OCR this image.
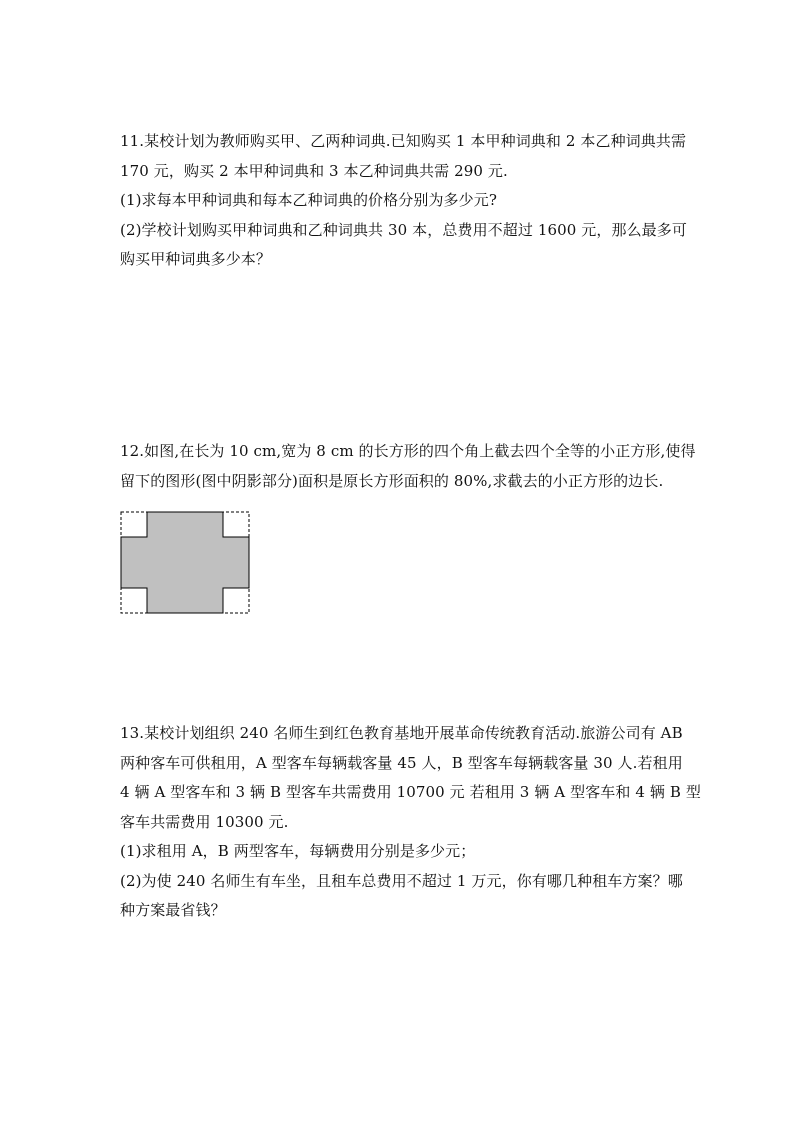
11.某校计划为教师购买甲、乙两种词典.已知购买 1 本甲种词典和 2 本乙种词典共需
170 元，购买 2 本甲种词典和 3 本乙种词典共需 290 元.
(1)求每本甲种词典和每本乙种词典的价格分别为多少元?
(2)学校计划购买甲种词典和乙种词典共 30 本，总费用不超过 1600 元，那么最多可
购买甲种词典多少本？
12.如图,在长为 10 cm,宽为 8 cm 的长方形的四个角上截去四个全等的小正方形,使得
留下的图形(图中阴影部分)面积是原长方形面积的 80%,求截去的小正方形的边长.
13.某校计划组织 240 名师生到红色教育基地开展革命传统教育活动.旅游公司有 AB
两种客车可供租用，A 型客车每辆载客量 45 人，B 型客车每辆载客量 30 人.若租用
4 辆 A 型客车和 3 辆 B 型客车共需费用 10700 元 若租用 3 辆 A 型客车和 4 辆 B 型
客车共需费用 10300 元.
(1)求租用 A，B 两型客车，每辆费用分别是多少元；
(2)为使 240 名师生有车坐，且租车总费用不超过 1 万元，你有哪几种租车方案？哪
种方案最省钱？
